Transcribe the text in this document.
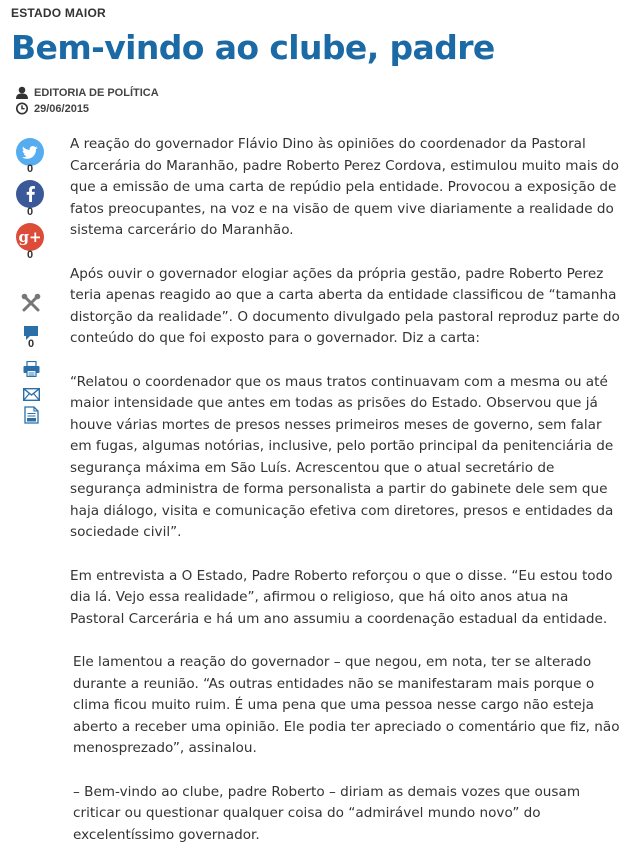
ESTADO MAIOR
Bem-vindo ao clube, padre
EDITORIA DE POLÍTICA
29/06/2015
0
0
g+
0
0

A reação do governador Flávio Dino às opiniões do coordenador da Pastoral Carcerária do Maranhão, padre Roberto Perez Cordova, estimulou muito mais do que a emissão de uma carta de repúdio pela entidade. Provocou a exposição de fatos preocupantes, na voz e na visão de quem vive diariamente a realidade do sistema carcerário do Maranhão.

Após ouvir o governador elogiar ações da própria gestão, padre Roberto Perez teria apenas reagido ao que a carta aberta da entidade classificou de “tamanha distorção da realidade”. O documento divulgado pela pastoral reproduz parte do conteúdo do que foi exposto para o governador. Diz a carta:

“Relatou o coordenador que os maus tratos continuavam com a mesma ou até maior intensidade que antes em todas as prisões do Estado. Observou que já houve várias mortes de presos nesses primeiros meses de governo, sem falar em fugas, algumas notórias, inclusive, pelo portão principal da penitenciária de segurança máxima em São Luís. Acrescentou que o atual secretário de segurança administra de forma personalista a partir do gabinete dele sem que haja diálogo, visita e comunicação efetiva com diretores, presos e entidades da sociedade civil”.

Em entrevista a O Estado, Padre Roberto reforçou o que o disse. “Eu estou todo dia lá. Vejo essa realidade”, afirmou o religioso, que há oito anos atua na Pastoral Carcerária e há um ano assumiu a coordenação estadual da entidade.

Ele lamentou a reação do governador – que negou, em nota, ter se alterado durante a reunião. “As outras entidades não se manifestaram mais porque o clima ficou muito ruim. É uma pena que uma pessoa nesse cargo não esteja aberto a receber uma opinião. Ele podia ter apreciado o comentário que fiz, não menosprezado”, assinalou.

– Bem-vindo ao clube, padre Roberto – diriam as demais vozes que ousam criticar ou questionar qualquer coisa do “admirável mundo novo” do excelentíssimo governador.
